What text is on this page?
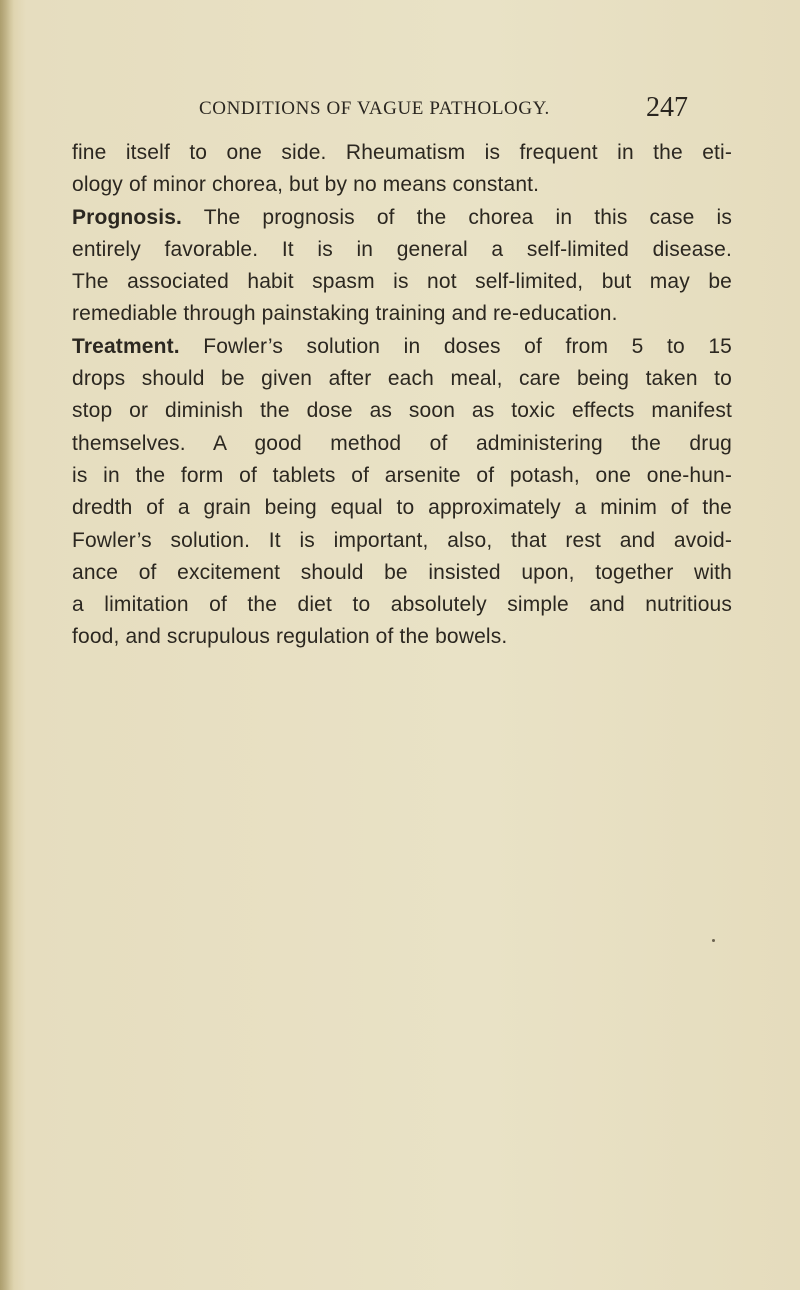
CONDITIONS OF VAGUE PATHOLOGY.	247
fine itself to one side. Rheumatism is frequent in the eti-
ology of minor chorea, but by no means constant.
Prognosis. The prognosis of the chorea in this case is
entirely favorable. It is in general a self-limited disease.
The associated habit spasm is not self-limited, but may be
remediable through painstaking training and re-education.
Treatment. Fowler’s solution in doses of from 5 to 15
drops should be given after each meal, care being taken to
stop or diminish the dose as soon as toxic effects manifest
themselves. A good method of administering the drug
is in the form of tablets of arsenite of potash, one one-hun-
dredth of a grain being equal to approximately a minim of the
Fowler’s solution. It is important, also, that rest and avoid-
ance of excitement should be insisted upon, together with
a limitation of the diet to absolutely simple and nutritious
food, and scrupulous regulation of the bowels.
